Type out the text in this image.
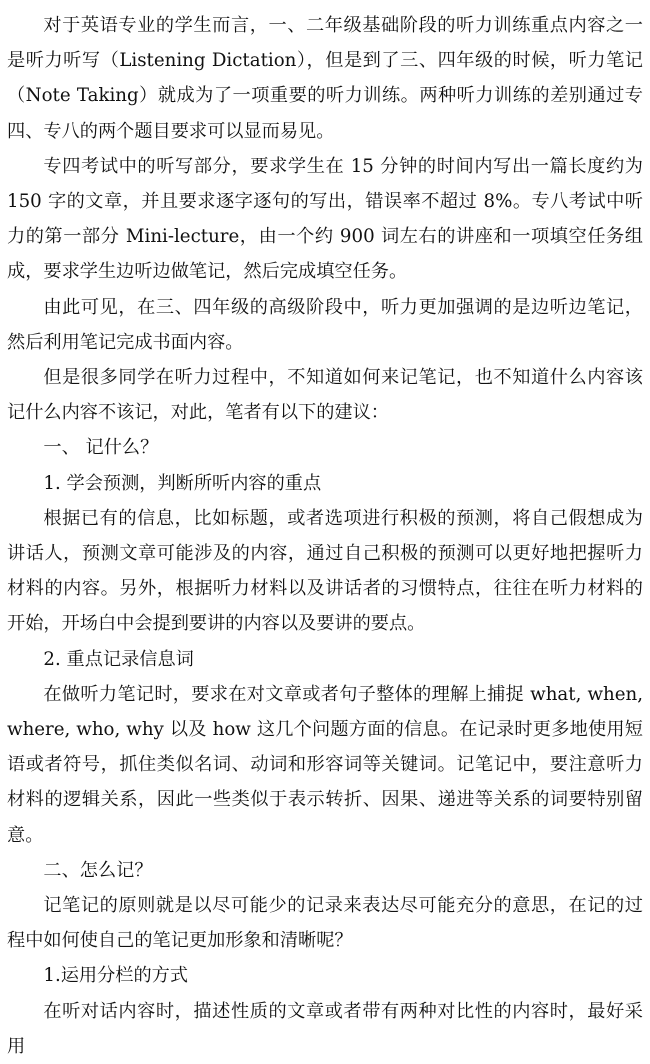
对于英语专业的学生而言，一、二年级基础阶段的听力训练重点内容之一是听力听写（Listening Dictation），但是到了三、四年级的时候，听力笔记（Note Taking）就成为了一项重要的听力训练。两种听力训练的差别通过专四、专八的两个题目要求可以显而易见。

专四考试中的听写部分，要求学生在 15 分钟的时间内写出一篇长度约为 150 字的文章，并且要求逐字逐句的写出，错误率不超过 8%。专八考试中听力的第一部分 Mini-lecture，由一个约 900 词左右的讲座和一项填空任务组成，要求学生边听边做笔记，然后完成填空任务。

由此可见，在三、四年级的高级阶段中，听力更加强调的是边听边笔记，然后利用笔记完成书面内容。

但是很多同学在听力过程中，不知道如何来记笔记，也不知道什么内容该记什么内容不该记，对此，笔者有以下的建议：

一、 记什么？

1. 学会预测，判断所听内容的重点

根据已有的信息，比如标题，或者选项进行积极的预测，将自己假想成为讲话人，预测文章可能涉及的内容，通过自己积极的预测可以更好地把握听力材料的内容。另外，根据听力材料以及讲话者的习惯特点，往往在听力材料的开始，开场白中会提到要讲的内容以及要讲的要点。

2. 重点记录信息词

在做听力笔记时，要求在对文章或者句子整体的理解上捕捉 what, when, where, who, why 以及 how 这几个问题方面的信息。在记录时更多地使用短语或者符号，抓住类似名词、动词和形容词等关键词。记笔记中，要注意听力材料的逻辑关系，因此一些类似于表示转折、因果、递进等关系的词要特别留意。

二、怎么记？

记笔记的原则就是以尽可能少的记录来表达尽可能充分的意思，在记的过程中如何使自己的笔记更加形象和清晰呢？

1.运用分栏的方式

在听对话内容时，描述性质的文章或者带有两种对比性的内容时，最好采用
